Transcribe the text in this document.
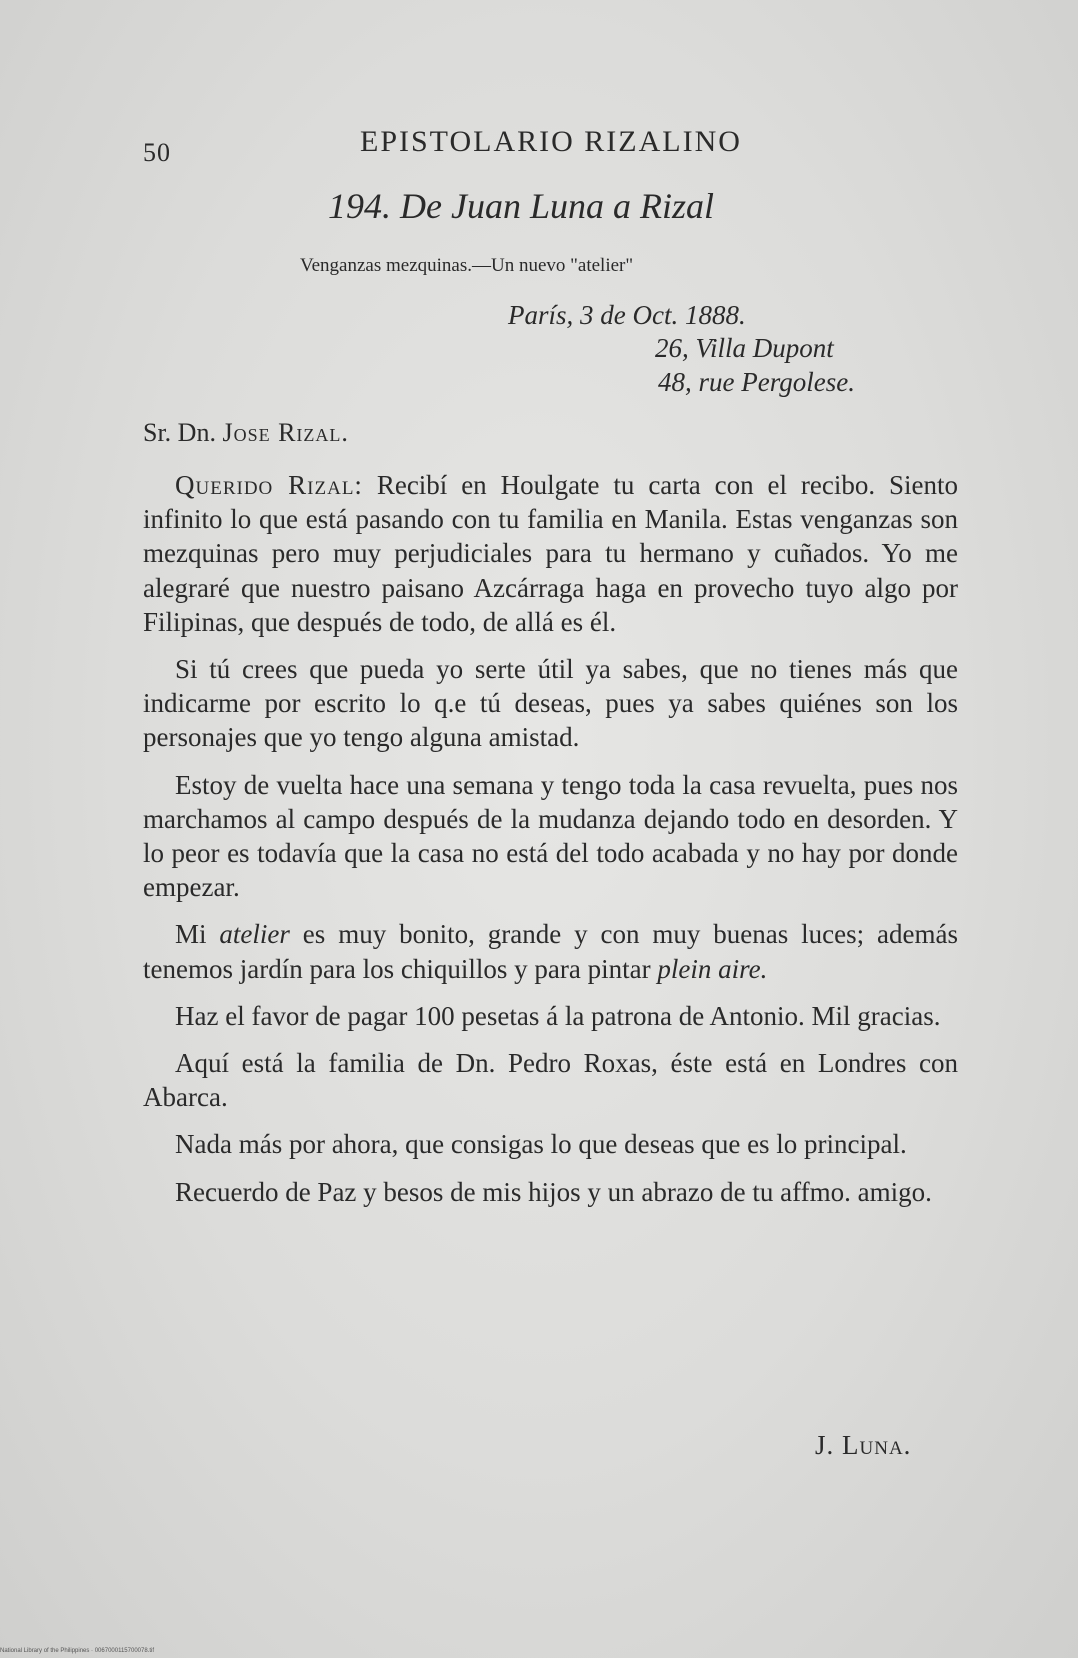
50	EPISTOLARIO RIZALINO
194. De Juan Luna a Rizal
Venganzas mezquinas.—Un nuevo "atelier"
París, 3 de Oct. 1888.
26, Villa Dupont
48, rue Pergolese.
Sr. Dn. Jose Rizal.

Querido Rizal: Recibí en Houlgate tu carta con el recibo. Siento infinito lo que está pasando con tu familia en Manila. Estas venganzas son mezquinas pero muy perjudiciales para tu hermano y cuñados. Yo me alegraré que nuestro paisano Azcárraga haga en provecho tuyo algo por Filipinas, que después de todo, de allá es él.

Si tú crees que pueda yo serte útil ya sabes, que no tienes más que indicarme por escrito lo q.e tú deseas, pues ya sabes quiénes son los personajes que yo tengo alguna amistad.

Estoy de vuelta hace una semana y tengo toda la casa revuelta, pues nos marchamos al campo después de la mudanza dejando todo en desorden. Y lo peor es todavía que la casa no está del todo acabada y no hay por donde empezar.

Mi atelier es muy bonito, grande y con muy buenas luces; además tenemos jardín para los chiquillos y para pintar plein aire.

Haz el favor de pagar 100 pesetas á la patrona de Antonio. Mil gracias.

Aquí está la familia de Dn. Pedro Roxas, éste está en Londres con Abarca.

Nada más por ahora, que consigas lo que deseas que es lo principal.

Recuerdo de Paz y besos de mis hijos y un abrazo de tu affmo. amigo.

J. Luna.
National Library of the Philippines · 0067000115700078.tif
